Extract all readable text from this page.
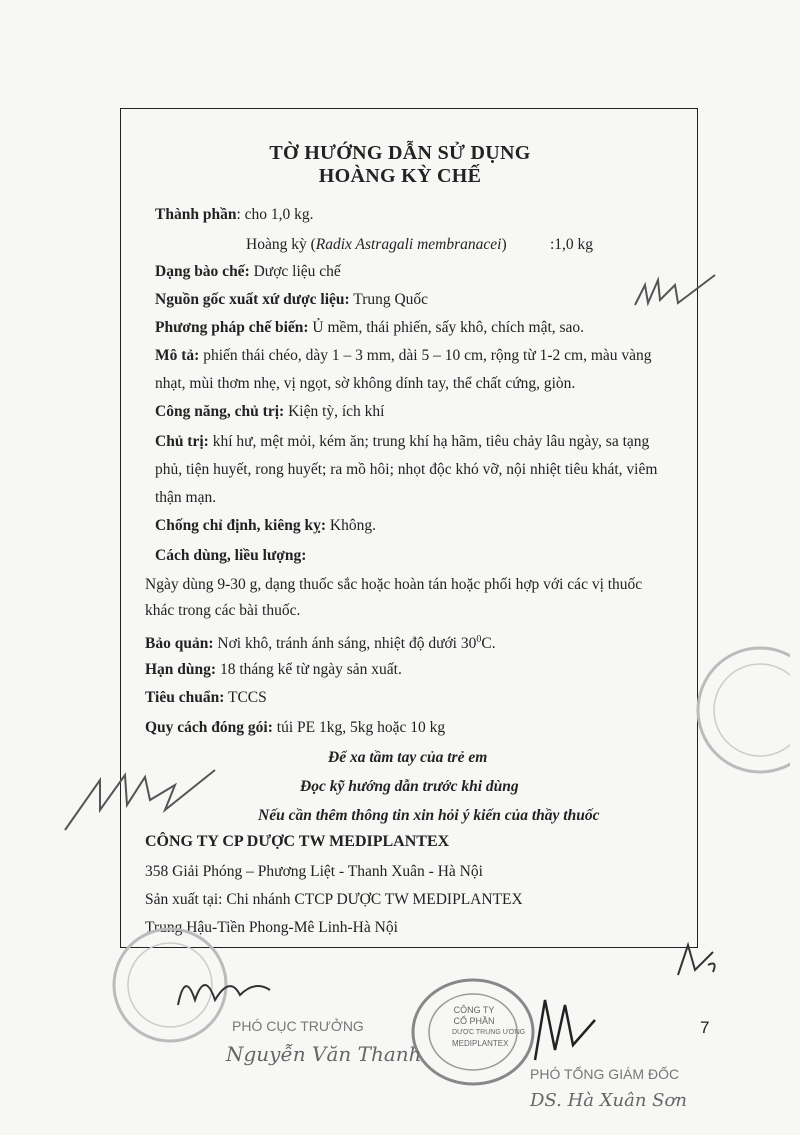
TỜ HƯỚNG DẪN SỬ DỤNG
HOÀNG KỲ CHẾ
Thành phần: cho 1,0 kg.
Hoàng kỳ (Radix Astragali membranacei)	:1,0 kg
Dạng bào chế: Dược liệu chế
Nguồn gốc xuất xứ dược liệu: Trung Quốc
Phương pháp chế biến: Ủ mềm, thái phiến, sấy khô, chích mật, sao.
Mô tả: phiến thái chéo, dày 1 – 3 mm, dài 5 – 10 cm, rộng từ 1-2 cm, màu vàng
nhạt, mùi thơm nhẹ, vị ngọt, sờ không dính tay, thể chất cứng, giòn.
Công năng, chủ trị: Kiện tỳ, ích khí
Chủ trị: khí hư, mệt mỏi, kém ăn; trung khí hạ hãm, tiêu chảy lâu ngày, sa tạng
phủ, tiện huyết, rong huyết; ra mồ hôi; nhọt độc khó vỡ, nội nhiệt tiêu khát, viêm
thận mạn.
Chống chỉ định, kiêng kỵ: Không.
Cách dùng, liều lượng:
Ngày dùng 9-30 g, dạng thuốc sắc hoặc hoàn tán hoặc phối hợp với các vị thuốc
khác trong các bài thuốc.
Bảo quản: Nơi khô, tránh ánh sáng, nhiệt độ dưới $30^0C$.
Hạn dùng: 18 tháng kể từ ngày sản xuất.
Tiêu chuẩn: TCCS
Quy cách đóng gói: túi PE 1kg, 5kg hoặc 10 kg
Để xa tầm tay của trẻ em
Đọc kỹ hướng dẫn trước khi dùng
Nếu cần thêm thông tin xin hỏi ý kiến của thầy thuốc
CÔNG TY CP DƯỢC TW MEDIPLANTEX
358 Giải Phóng – Phương Liệt - Thanh Xuân - Hà Nội
Sản xuất tại: Chi nhánh CTCP DƯỢC TW MEDIPLANTEX
Trung Hậu-Tiền Phong-Mê Linh-Hà Nội
CÔNG TY
CỔ PHẦN
DƯỢC TRUNG ƯƠNG
MEDIPLANTEX
PHÓ CỤC TRƯỞNG
Nguyễn Văn Thanh
PHÓ TỔNG GIÁM ĐỐC
DS. Hà Xuân Sơn
7
